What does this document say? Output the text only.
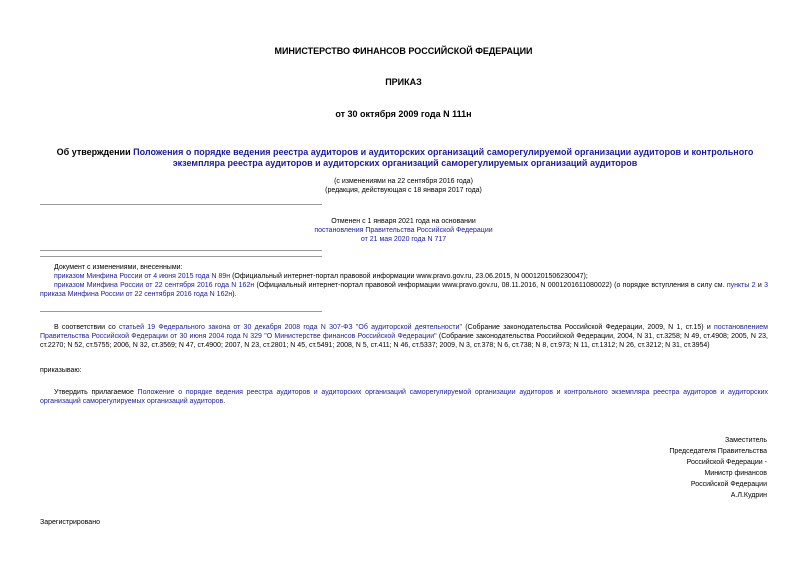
МИНИСТЕРСТВО ФИНАНСОВ РОССИЙСКОЙ ФЕДЕРАЦИИ
ПРИКАЗ
от 30 октября 2009 года N 111н
Об утверждении Положения о порядке ведения реестра аудиторов и аудиторских организаций саморегулируемой организации аудиторов и контрольного экземпляра реестра аудиторов и аудиторских организаций саморегулируемых организаций аудиторов
(с изменениями на 22 сентября 2016 года)
(редакция, действующая с 18 января 2017 года)
Отменен с 1 января 2021 года на основании
постановления Правительства Российской Федерации
от 21 мая 2020 года N 717
Документ с изменениями, внесенными:
приказом Минфина России от 4 июня 2015 года N 89н (Официальный интернет-портал правовой информации www.pravo.gov.ru, 23.06.2015, N 0001201506230047);
приказом Минфина России от 22 сентября 2016 года N 162н (Официальный интернет-портал правовой информации www.pravo.gov.ru, 08.11.2016, N 0001201611080022) (о порядке вступления в силу см. пункты 2 и 3 приказа Минфина России от 22 сентября 2016 года N 162н).
В соответствии со статьей 19 Федерального закона от 30 декабря 2008 года N 307-ФЗ "Об аудиторской деятельности" (Собрание законодательства Российской Федерации, 2009, N 1, ст.15) и постановлением Правительства Российской Федерации от 30 июня 2004 года N 329 "О Министерстве финансов Российской Федерации" (Собрание законодательства Российской Федерации, 2004, N 31, ст.3258; N 49, ст.4908; 2005, N 23, ст.2270; N 52, ст.5755; 2006, N 32, ст.3569; N 47, ст.4900; 2007, N 23, ст.2801; N 45, ст.5491; 2008, N 5, ст.411; N 46, ст.5337; 2009, N 3, ст.378; N 6, ст.738; N 8, ст.973; N 11, ст.1312; N 26, ст.3212; N 31, ст.3954)
приказываю:
Утвердить прилагаемое Положение о порядке ведения реестра аудиторов и аудиторских организаций саморегулируемой организации аудиторов и контрольного экземпляра реестра аудиторов и аудиторских организаций саморегулируемых организаций аудиторов.
Заместитель
Председателя Правительства
Российской Федерации -
Министр финансов
Российской Федерации
А.Л.Кудрин
Зарегистрировано
